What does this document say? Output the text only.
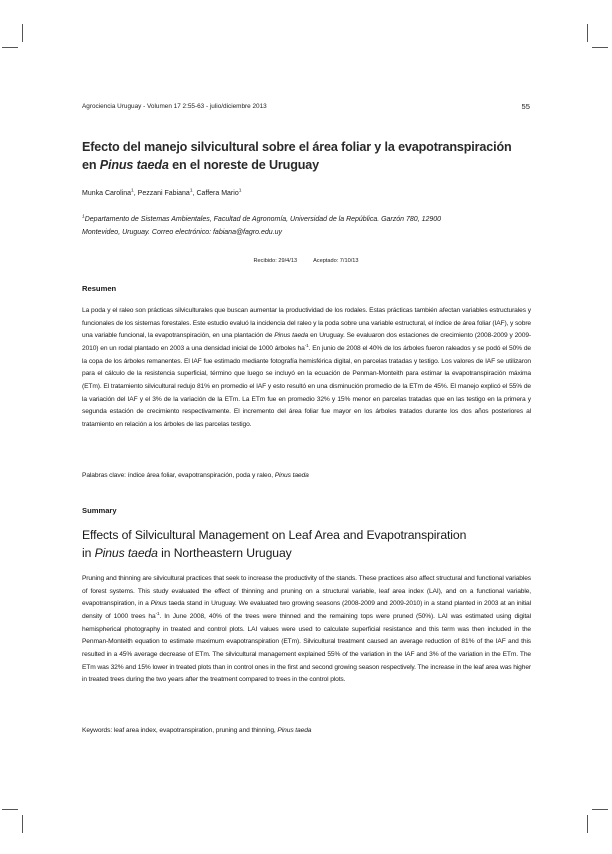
Agrociencia Uruguay - Volumen 17 2:55-63 - julio/diciembre 2013	55
Efecto del manejo silvicultural sobre el área foliar y la evapotranspiración
en Pinus taeda en el noreste de Uruguay
Munka Carolina$^1$, Pezzani Fabiana$^1$, Caffera Mario$^1$
$^1$Departamento de Sistemas Ambientales, Facultad de Agronomía, Universidad de la República. Garzón 780, 12900
Montevideo, Uruguay. Correo electrónico: fabiana@fagro.edu.uy
Recibido: 29/4/13	Aceptado: 7/10/13
Resumen
La poda y el raleo son prácticas silviculturales que buscan aumentar la productividad de los rodales. Estas prácticas también afectan variables estructurales y funcionales de los sistemas forestales. Este estudio evaluó la incidencia del raleo y la poda sobre una variable estructural, el índice de área foliar (IAF), y sobre una variable funcional, la evapotranspiración, en una plantación de Pinus taeda en Uruguay. Se evaluaron dos estaciones de crecimiento (2008-2009 y 2009-2010) en un rodal plantado en 2003 a una densidad inicial de 1000 árboles $ha^{-1}$. En junio de 2008 el 40% de los árboles fueron raleados y se podó el 50% de la copa de los árboles remanentes. El IAF fue estimado mediante fotografía hemisférica digital, en parcelas tratadas y testigo. Los valores de IAF se utilizaron para el cálculo de la resistencia superficial, término que luego se incluyó en la ecuación de Penman-Monteith para estimar la evapotranspiración máxima (ETm). El tratamiento silvicultural redujo 81% en promedio el IAF y esto resultó en una disminución promedio de la ETm de 45%. El manejo explicó el 55% de la variación del IAF y el 3% de la variación de la ETm. La ETm fue en promedio 32% y 15% menor en parcelas tratadas que en las testigo en la primera y segunda estación de crecimiento respectivamente. El incremento del área foliar fue mayor en los árboles tratados durante los dos años posteriores al tratamiento en relación a los árboles de las parcelas testigo.
Palabras clave: índice área foliar, evapotranspiración, poda y raleo, Pinus taeda
Summary
Effects of Silvicultural Management on Leaf Area and Evapotranspiration
in Pinus taeda in Northeastern Uruguay
Pruning and thinning are silvicultural practices that seek to increase the productivity of the stands. These practices also affect structural and functional variables of forest systems. This study evaluated the effect of thinning and pruning on a structural variable, leaf area index (LAI), and on a functional variable, evapotranspiration, in a Pinus taeda stand in Uruguay. We evaluated two growing seasons (2008-2009 and 2009-2010) in a stand planted in 2003 at an initial density of 1000 trees $ha^{-1}$. In June 2008, 40% of the trees were thinned and the remaining tops were pruned (50%). LAI was estimated using digital hemispherical photography in treated and control plots. LAI values were used to calculate superficial resistance and this term was then included in the Penman-Monteith equation to estimate maximum evapotranspiration (ETm). Silvicultural treatment caused an average reduction of 81% of the IAF and this resulted in a 45% average decrease of ETm. The silvicultural management explained 55% of the variation in the IAF and 3% of the variation in the ETm. The ETm was 32% and 15% lower in treated plots than in control ones in the first and second growing season respectively. The increase in the leaf area was higher in treated trees during the two years after the treatment compared to trees in the control plots.
Keywords: leaf area index, evapotranspiration, pruning and thinning, Pinus taeda
